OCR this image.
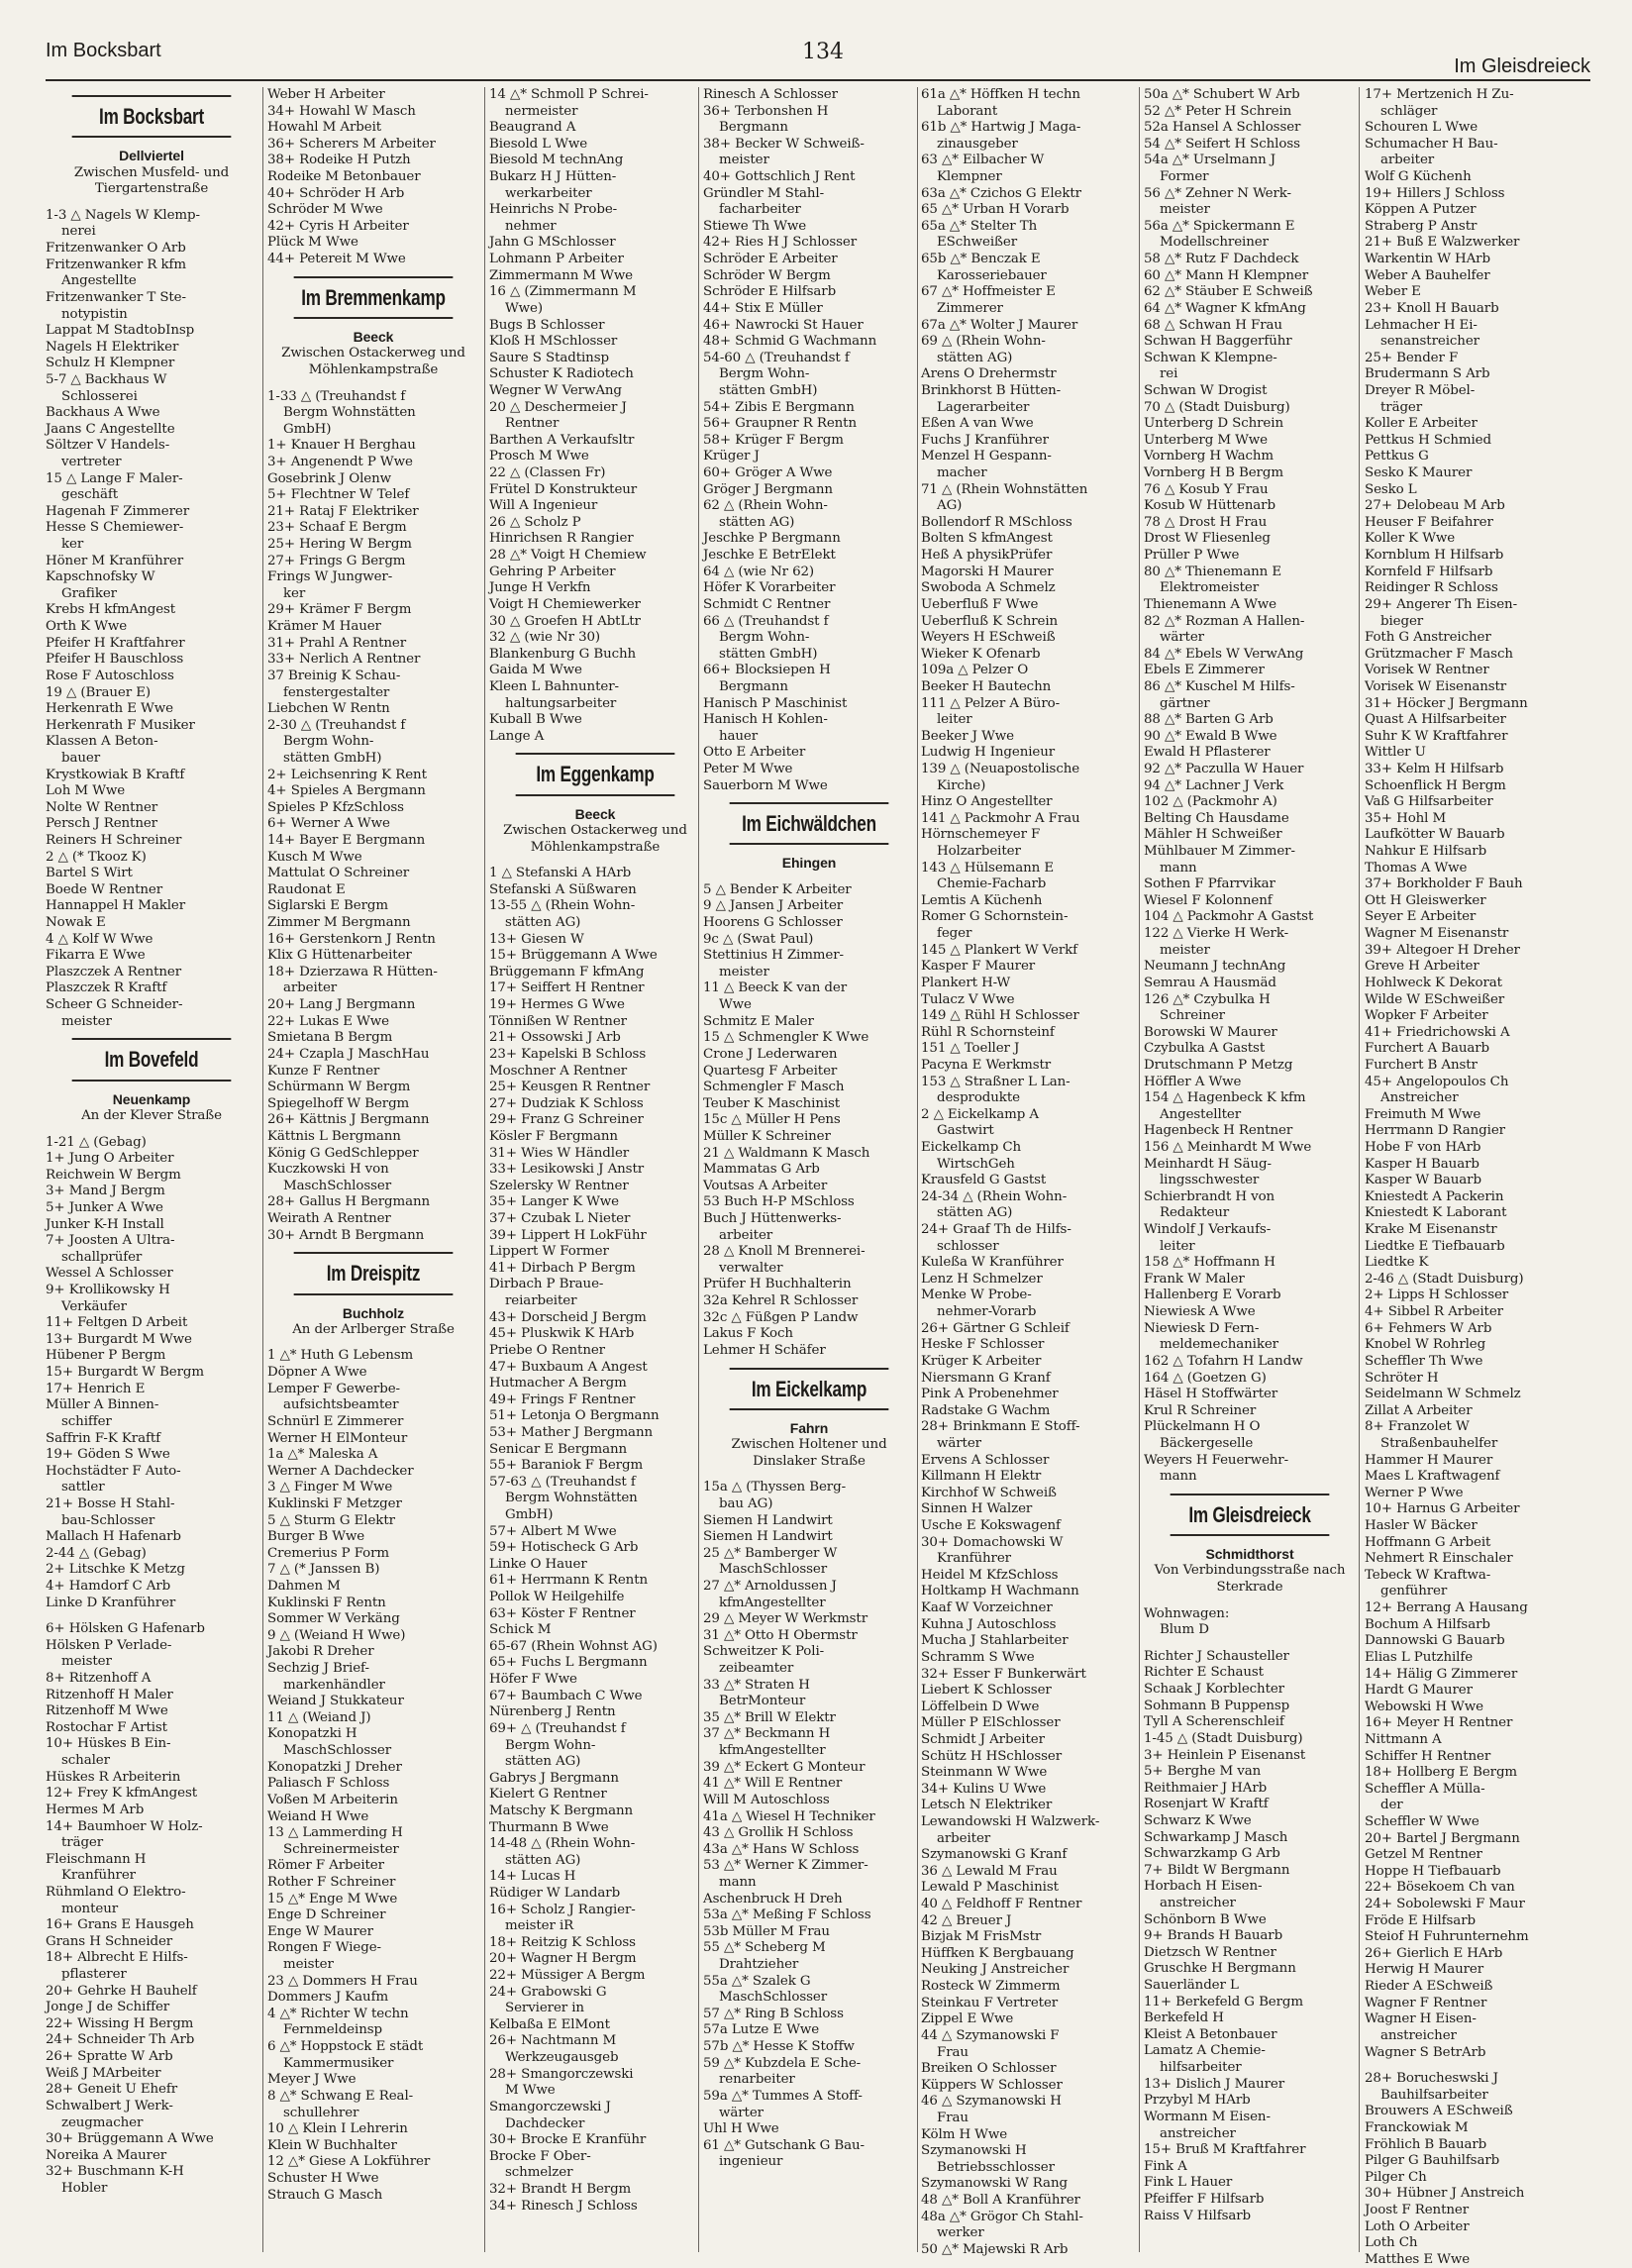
Im Bocksbart	134
Im Gleisdreieck
Im Bocksbart
Dellviertel
Zwischen Musfeld- und Tiergartenstraße
1-3 △ Nagels W Klemp-
nerei
Fritzenwanker O Arb
Fritzenwanker R kfm
Angestellte
Fritzenwanker T Ste-
notypistin
Lappat M StadtobInsp
Nagels H Elektriker
Schulz H Klempner
5-7 △ Backhaus W
Schlosserei
Backhaus A Wwe
Jaans C Angestellte
Söltzer V Handels-
vertreter
15 △ Lange F Maler-
geschäft
Hagenah F Zimmerer
Hesse S Chemiewer-
ker
Höner M Kranführer
Kapschnofsky W
Grafiker
Krebs H kfmAngest
Orth K Wwe
Pfeifer H Kraftfahrer
Pfeifer H Bauschloss
Rose F Autoschloss
19 △ (Brauer E)
Herkenrath E Wwe
Herkenrath F Musiker
Klassen A Beton-
bauer
Krystkowiak B Kraftf
Loh M Wwe
Nolte W Rentner
Persch J Rentner
Reiners H Schreiner
2 △ (* Tkooz K)
Bartel S Wirt
Boede W Rentner
Hannappel H Makler
Nowak E
4 △ Kolf W Wwe
Fikarra E Wwe
Plaszczek A Rentner
Plaszczek R Kraftf
Scheer G Schneider-
meister
Im Bovefeld
Neuenkamp
An der Klever Straße
1-21 △ (Gebag)
1+ Jung O Arbeiter
Reichwein W Bergm
3+ Mand J Bergm
5+ Junker A Wwe
Junker K-H Install
7+ Joosten A Ultra-
schallprüfer
Wessel A Schlosser
9+ Krollikowsky H
Verkäufer
11+ Feltgen D Arbeit
13+ Burgardt M Wwe
Hübener P Bergm
15+ Burgardt W Bergm
17+ Henrich E
Müller A Binnen-
schiffer
Saffrin F-K Kraftf
19+ Göden S Wwe
Hochstädter F Auto-
sattler
21+ Bosse H Stahl-
bau-Schlosser
Mallach H Hafenarb
2-44 △ (Gebag)
2+ Litschke K Metzg
4+ Hamdorf C Arb
Linke D Kranführer
6+ Hölsken G Hafenarb
Hölsken P Verlade-
meister
8+ Ritzenhoff A
Ritzenhoff H Maler
Ritzenhoff M Wwe
Rostochar F Artist
10+ Hüskes B Ein-
schaler
Hüskes R Arbeiterin
12+ Frey K kfmAngest
Hermes M Arb
14+ Baumhoer W Holz-
träger
Fleischmann H
Kranführer
Rühmland O Elektro-
monteur
16+ Grans E Hausgeh
Grans H Schneider
18+ Albrecht E Hilfs-
pflasterer
20+ Gehrke H Bauhelf
Jonge J de Schiffer
22+ Wissing H Bergm
24+ Schneider Th Arb
26+ Spratte W Arb
Weiß J MArbeiter
28+ Geneit U Ehefr
Schwalbert J Werk-
zeugmacher
30+ Brüggemann A Wwe
Noreika A Maurer
32+ Buschmann K-H
Hobler
Weber H Arbeiter
34+ Howahl W Masch
Howahl M Arbeit
36+ Scherers M Arbeiter
38+ Rodeike H Putzh
Rodeike M Betonbauer
40+ Schröder H Arb
Schröder M Wwe
42+ Cyris H Arbeiter
Plück M Wwe
44+ Petereit M Wwe
Im Bremmenkamp
Beeck
Zwischen Ostackerweg und Möhlenkampstraße
1-33 △ (Treuhandst f
Bergm Wohnstätten
GmbH)
1+ Knauer H Berghau
3+ Angenendt P Wwe
Gosebrink J Olenw
5+ Flechtner W Telef
21+ Rataj F Elektriker
23+ Schaaf E Bergm
25+ Hering W Bergm
27+ Frings G Bergm
Frings W Jungwer-
ker
29+ Krämer F Bergm
Krämer M Hauer
31+ Prahl A Rentner
33+ Nerlich A Rentner
37 Breinig K Schau-
fenstergestalter
Liebchen W Rentn
2-30 △ (Treuhandst f
Bergm Wohn-
stätten GmbH)
2+ Leichsenring K Rent
4+ Spieles A Bergmann
Spieles P KfzSchloss
6+ Werner A Wwe
14+ Bayer E Bergmann
Kusch M Wwe
Mattulat O Schreiner
Raudonat E
Siglarski E Bergm
Zimmer M Bergmann
16+ Gerstenkorn J Rentn
Klix G Hüttenarbeiter
18+ Dzierzawa R Hütten-
arbeiter
20+ Lang J Bergmann
22+ Lukas E Wwe
Smietana B Bergm
24+ Czapla J MaschHau
Kunze F Rentner
Schürmann W Bergm
Spiegelhoff W Bergm
26+ Kättnis J Bergmann
Kättnis L Bergmann
König G GedSchlepper
Kuczkowski H von
MaschSchlosser
28+ Gallus H Bergmann
Weirath A Rentner
30+ Arndt B Bergmann
Im Dreispitz
Buchholz
An der Arlberger Straße
1 △* Huth G Lebensm
Döpner A Wwe
Lemper F Gewerbe-
aufsichtsbeamter
Schnürl E Zimmerer
Werner H ElMonteur
1a △* Maleska A
Werner A Dachdecker
3 △ Finger M Wwe
Kuklinski F Metzger
5 △ Sturm G Elektr
Burger B Wwe
Cremerius P Form
7 △ (* Janssen B)
Dahmen M
Kuklinski F Rentn
Sommer W Verkäng
9 △ (Weiand H Wwe)
Jakobi R Dreher
Sechzig J Brief-
markenhändler
Weiand J Stukkateur
11 △ (Weiand J)
Konopatzki H
MaschSchlosser
Konopatzki J Dreher
Paliasch F Schloss
Voßen M Arbeiterin
Weiand H Wwe
13 △ Lammerding H
Schreinermeister
Römer F Arbeiter
Rother F Schreiner
15 △* Enge M Wwe
Enge D Schreiner
Enge W Maurer
Rongen F Wiege-
meister
23 △ Dommers H Frau
Dommers J Kaufm
4 △* Richter W techn
Fernmeldeinsp
6 △* Hoppstock E städt
Kammermusiker
Meyer J Wwe
8 △* Schwang E Real-
schullehrer
10 △ Klein I Lehrerin
Klein W Buchhalter
12 △* Giese A Lokführer
Schuster H Wwe
Strauch G Masch
14 △* Schmoll P Schrei-
nermeister
Beaugrand A
Biesold L Wwe
Biesold M technAng
Bukarz H J Hütten-
werkarbeiter
Heinrichs N Probe-
nehmer
Jahn G MSchlosser
Lohmann P Arbeiter
Zimmermann M Wwe
16 △ (Zimmermann M
Wwe)
Bugs B Schlosser
Kloß H MSchlosser
Saure S Stadtinsp
Schuster K Radiotech
Wegner W VerwAng
20 △ Deschermeier J
Rentner
Barthen A Verkaufsltr
Prosch M Wwe
22 △ (Classen Fr)
Frütel D Konstrukteur
Will A Ingenieur
26 △ Scholz P
Hinrichsen R Rangier
28 △* Voigt H Chemiew
Gehring P Arbeiter
Junge H Verkfn
Voigt H Chemiewerker
30 △ Groefen H AbtLtr
32 △ (wie Nr 30)
Blankenburg G Buchh
Gaida M Wwe
Kleen L Bahnunter-
haltungsarbeiter
Kuball B Wwe
Lange A
Im Eggenkamp
Beeck
Zwischen Ostackerweg und Möhlenkampstraße
1 △ Stefanski A HArb
Stefanski A Süßwaren
13-55 △ (Rhein Wohn-
stätten AG)
13+ Giesen W
15+ Brüggemann A Wwe
Brüggemann F kfmAng
17+ Seiffert H Rentner
19+ Hermes G Wwe
Tönnißen W Rentner
21+ Ossowski J Arb
23+ Kapelski B Schloss
Moschner A Rentner
25+ Keusgen R Rentner
27+ Dudziak K Schloss
29+ Franz G Schreiner
Kösler F Bergmann
31+ Wies W Händler
33+ Lesikowski J Anstr
Szelersky W Rentner
35+ Langer K Wwe
37+ Czubak L Nieter
39+ Lippert H LokFühr
Lippert W Former
41+ Dirbach P Bergm
Dirbach P Braue-
reiarbeiter
43+ Dorscheid J Bergm
45+ Pluskwik K HArb
Priebe O Rentner
47+ Buxbaum A Angest
Hutmacher A Bergm
49+ Frings F Rentner
51+ Letonja O Bergmann
53+ Mather J Bergmann
Senicar E Bergmann
55+ Baraniok F Bergm
57-63 △ (Treuhandst f
Bergm Wohnstätten
GmbH)
57+ Albert M Wwe
59+ Hotischeck G Arb
Linke O Hauer
61+ Herrmann K Rentn
Pollok W Heilgehilfe
63+ Köster F Rentner
Schick M
65-67 (Rhein Wohnst AG)
65+ Fuchs L Bergmann
Höfer F Wwe
67+ Baumbach C Wwe
Nürenberg J Rentn
69+ △ (Treuhandst f
Bergm Wohn-
stätten AG)
Gabrys J Bergmann
Kielert G Rentner
Matschy K Bergmann
Thurmann B Wwe
14-48 △ (Rhein Wohn-
stätten AG)
14+ Lucas H
Rüdiger W Landarb
16+ Scholz J Rangier-
meister iR
18+ Reitzig K Schloss
20+ Wagner H Bergm
22+ Müssiger A Bergm
24+ Grabowski G
Servierer in
Kelbaßa E ElMont
26+ Nachtmann M
Werkzeugausgeb
28+ Smangorczewski
M Wwe
Smangorczewski J
Dachdecker
30+ Brocke E Kranführ
Brocke F Ober-
schmelzer
32+ Brandt H Bergm
34+ Rinesch J Schloss
Rinesch A Schlosser
36+ Terbonshen H
Bergmann
38+ Becker W Schweiß-
meister
40+ Gottschlich J Rent
Gründler M Stahl-
facharbeiter
Stiewe Th Wwe
42+ Ries H J Schlosser
Schröder E Arbeiter
Schröder W Bergm
Schröder E Hilfsarb
44+ Stix E Müller
46+ Nawrocki St Hauer
48+ Schmid G Wachmann
54-60 △ (Treuhandst f
Bergm Wohn-
stätten GmbH)
54+ Zibis E Bergmann
56+ Graupner R Rentn
58+ Krüger F Bergm
Krüger J
60+ Gröger A Wwe
Gröger J Bergmann
62 △ (Rhein Wohn-
stätten AG)
Jeschke P Bergmann
Jeschke E BetrElekt
64 △ (wie Nr 62)
Höfer K Vorarbeiter
Schmidt C Rentner
66 △ (Treuhandst f
Bergm Wohn-
stätten GmbH)
66+ Blocksiepen H
Bergmann
Hanisch P Maschinist
Hanisch H Kohlen-
hauer
Otto E Arbeiter
Peter M Wwe
Sauerborn M Wwe
Im Eichwäldchen
Ehingen
5 △ Bender K Arbeiter
9 △ Jansen J Arbeiter
Hoorens G Schlosser
9c △ (Swat Paul)
Stettinius H Zimmer-
meister
11 △ Beeck K van der
Wwe
Schmitz E Maler
15 △ Schmengler K Wwe
Crone J Lederwaren
Quartesg F Arbeiter
Schmengler F Masch
Teuber K Maschinist
15c △ Müller H Pens
Müller K Schreiner
21 △ Waldmann K Masch
Mammatas G Arb
Voutsas A Arbeiter
53 Buch H-P MSchloss
Buch J Hüttenwerks-
arbeiter
28 △ Knoll M Brennerei-
verwalter
Prüfer H Buchhalterin
32a Kehrel R Schlosser
32c △ Füßgen P Landw
Lakus F Koch
Lehmer H Schäfer
Im Eickelkamp
Fahrn
Zwischen Holtener und Dinslaker Straße
15a △ (Thyssen Berg-
bau AG)
Siemen H Landwirt
Siemen H Landwirt
25 △* Bamberger W
MaschSchlosser
27 △* Arnoldussen J
kfmAngestellter
29 △ Meyer W Werkmstr
31 △* Otto H Obermstr
Schweitzer K Poli-
zeibeamter
33 △* Straten H
BetrMonteur
35 △* Brill W Elektr
37 △* Beckmann H
kfmAngestellter
39 △* Eckert G Monteur
41 △* Will E Rentner
Will M Autoschloss
41a △ Wiesel H Techniker
43 △ Grollik H Schloss
43a △* Hans W Schloss
53 △* Werner K Zimmer-
mann
Aschenbruck H Dreh
53a △* Meßing F Schloss
53b Müller M Frau
55 △* Scheberg M
Drahtzieher
55a △* Szalek G
MaschSchlosser
57 △* Ring B Schloss
57a Lutze E Wwe
57b △* Hesse K Stoffw
59 △* Kubzdela E Sche-
renarbeiter
59a △* Tummes A Stoff-
wärter
Uhl H Wwe
61 △* Gutschank G Bau-
ingenieur
61a △* Höffken H techn
Laborant
61b △* Hartwig J Maga-
zinausgeber
63 △* Eilbacher W
Klempner
63a △* Czichos G Elektr
65 △* Urban H Vorarb
65a △* Stelter Th
ESchweißer
65b △* Benczak E
Karosseriebauer
67 △* Hoffmeister E
Zimmerer
67a △* Wolter J Maurer
69 △ (Rhein Wohn-
stätten AG)
Arens O Drehermstr
Brinkhorst B Hütten-
Lagerarbeiter
Eßen A van Wwe
Fuchs J Kranführer
Menzel H Gespann-
macher
71 △ (Rhein Wohnstätten
AG)
Bollendorf R MSchloss
Bolten S kfmAngest
Heß A physikPrüfer
Magorski H Maurer
Swoboda A Schmelz
Ueberfluß F Wwe
Ueberfluß K Schrein
Weyers H ESchweiß
Wieker K Ofenarb
109a △ Pelzer O
Beeker H Bautechn
111 △ Pelzer A Büro-
leiter
Beeker J Wwe
Ludwig H Ingenieur
139 △ (Neuapostolische
Kirche)
Hinz O Angestellter
141 △ Packmohr A Frau
Hörnschemeyer F
Holzarbeiter
143 △ Hülsemann E
Chemie-Facharb
Lemtis A Küchenh
Romer G Schornstein-
feger
145 △ Plankert W Verkf
Kasper F Maurer
Plankert H-W
Tulacz V Wwe
149 △ Rühl H Schlosser
Rühl R Schornsteinf
151 △ Toeller J
Pacyna E Werkmstr
153 △ Straßner L Lan-
desprodukte
2 △ Eickelkamp A
Gastwirt
Eickelkamp Ch
WirtschGeh
Krausfeld G Gastst
24-34 △ (Rhein Wohn-
stätten AG)
24+ Graaf Th de Hilfs-
schlosser
Kuleßa W Kranführer
Lenz H Schmelzer
Menke W Probe-
nehmer-Vorarb
26+ Gärtner G Schleif
Heske F Schlosser
Krüger K Arbeiter
Niersmann G Kranf
Pink A Probenehmer
Radstake G Wachm
28+ Brinkmann E Stoff-
wärter
Ervens A Schlosser
Killmann H Elektr
Kirchhof W Schweiß
Sinnen H Walzer
Usche E Kokswagenf
30+ Domachowski W
Kranführer
Heidel M KfzSchloss
Holtkamp H Wachmann
Kaaf W Vorzeichner
Kuhna J Autoschloss
Mucha J Stahlarbeiter
Schramm S Wwe
32+ Esser F Bunkerwärt
Liebert K Schlosser
Löffelbein D Wwe
Müller P ElSchlosser
Schmidt J Arbeiter
Schütz H HSchlosser
Steinmann W Wwe
34+ Kulins U Wwe
Letsch N Elektriker
Lewandowski H Walzwerk-
arbeiter
Szymanowski G Kranf
36 △ Lewald M Frau
Lewald P Maschinist
40 △ Feldhoff F Rentner
42 △ Breuer J
Bizjak M FrisMstr
Hüffken K Bergbauang
Neuking J Anstreicher
Rosteck W Zimmerm
Steinkau F Vertreter
Zippel E Wwe
44 △ Szymanowski F
Frau
Breiken O Schlosser
Küppers W Schlosser
46 △ Szymanowski H
Frau
Kölm H Wwe
Szymanowski H
Betriebsschlosser
Szymanowski W Rang
48 △* Boll A Kranführer
48a △* Grögor Ch Stahl-
werker
50 △* Majewski R Arb
50a △* Schubert W Arb
52 △* Peter H Schrein
52a Hansel A Schlosser
54 △* Seifert H Schloss
54a △* Urselmann J
Former
56 △* Zehner N Werk-
meister
56a △* Spickermann E
Modellschreiner
58 △* Rutz F Dachdeck
60 △* Mann H Klempner
62 △* Stäuber E Schweiß
64 △* Wagner K kfmAng
68 △ Schwan H Frau
Schwan H Baggerführ
Schwan K Klempne-
rei
Schwan W Drogist
70 △ (Stadt Duisburg)
Unterberg D Schrein
Unterberg M Wwe
Vornberg H Wachm
Vornberg H B Bergm
76 △ Kosub Y Frau
Kosub W Hüttenarb
78 △ Drost H Frau
Drost W Fliesenleg
Prüller P Wwe
80 △* Thienemann E
Elektromeister
Thienemann A Wwe
82 △* Rozman A Hallen-
wärter
84 △* Ebels W VerwAng
Ebels E Zimmerer
86 △* Kuschel M Hilfs-
gärtner
88 △* Barten G Arb
90 △* Ewald B Wwe
Ewald H Pflasterer
92 △* Paczulla W Hauer
94 △* Lachner J Verk
102 △ (Packmohr A)
Belting Ch Hausdame
Mähler H Schweißer
Mühlbauer M Zimmer-
mann
Sothen F Pfarrvikar
Wiesel F Kolonnenf
104 △ Packmohr A Gastst
122 △ Vierke H Werk-
meister
Neumann J technAng
Semrau A Hausmäd
126 △* Czybulka H
Schreiner
Borowski W Maurer
Czybulka A Gastst
Drutschmann P Metzg
Höffler A Wwe
154 △ Hagenbeck K kfm
Angestellter
Hagenbeck H Rentner
156 △ Meinhardt M Wwe
Meinhardt H Säug-
lingsschwester
Schierbrandt H von
Redakteur
Windolf J Verkaufs-
leiter
158 △* Hoffmann H
Frank W Maler
Hallenberg E Vorarb
Niewiesk A Wwe
Niewiesk D Fern-
meldemechaniker
162 △ Tofahrn H Landw
164 △ (Goetzen G)
Häsel H Stoffwärter
Krul R Schreiner
Plückelmann H O
Bäckergeselle
Weyers H Feuerwehr-
mann
Im Gleisdreieck
Schmidthorst
Von Verbindungsstraße nach Sterkrade
Wohnwagen:
Blum D
Richter J Schausteller
Richter E Schaust
Schaak J Korblechter
Sohmann B Puppensp
Tyll A Scherenschleif
1-45 △ (Stadt Duisburg)
3+ Heinlein P Eisenanst
5+ Berghe M van
Reithmaier J HArb
Rosenjart W Kraftf
Schwarz K Wwe
Schwarkamp J Masch
Schwarzkamp G Arb
7+ Bildt W Bergmann
Horbach H Eisen-
anstreicher
Schönborn B Wwe
9+ Brands H Bauarb
Dietzsch W Rentner
Gruschke H Bergmann
Sauerländer L
11+ Berkefeld G Bergm
Berkefeld H
Kleist A Betonbauer
Lamatz A Chemie-
hilfsarbeiter
13+ Dislich J Maurer
Przybyl M HArb
Wormann M Eisen-
anstreicher
15+ Bruß M Kraftfahrer
Fink A
Fink L Hauer
Pfeiffer F Hilfsarb
Raiss V Hilfsarb
17+ Mertzenich H Zu-
schläger
Schouren L Wwe
Schumacher H Bau-
arbeiter
Wolf G Küchenh
19+ Hillers J Schloss
Köppen A Putzer
Straberg P Anstr
21+ Buß E Walzwerker
Warkentin W HArb
Weber A Bauhelfer
Weber E
23+ Knoll H Bauarb
Lehmacher H Ei-
senanstreicher
25+ Bender F
Brudermann S Arb
Dreyer R Möbel-
träger
Koller E Arbeiter
Pettkus H Schmied
Pettkus G
Sesko K Maurer
Sesko L
27+ Delobeau M Arb
Heuser F Beifahrer
Koller K Wwe
Kornblum H Hilfsarb
Kornfeld F Hilfsarb
Reidinger R Schloss
29+ Angerer Th Eisen-
bieger
Foth G Anstreicher
Grützmacher F Masch
Vorisek W Rentner
Vorisek W Eisenanstr
31+ Höcker J Bergmann
Quast A Hilfsarbeiter
Suhr K W Kraftfahrer
Wittler U
33+ Kelm H Hilfsarb
Schoenflick H Bergm
Vaß G Hilfsarbeiter
35+ Hohl M
Laufkötter W Bauarb
Nahkur E Hilfsarb
Thomas A Wwe
37+ Borkholder F Bauh
Ott H Gleiswerker
Seyer E Arbeiter
Wagner M Eisenanstr
39+ Altegoer H Dreher
Greve H Arbeiter
Hohlweck K Dekorat
Wilde W ESchweißer
Wopker F Arbeiter
41+ Friedrichowski A
Furchert A Bauarb
Furchert B Anstr
45+ Angelopoulos Ch
Anstreicher
Freimuth M Wwe
Herrmann D Rangier
Hobe F von HArb
Kasper H Bauarb
Kasper W Bauarb
Kniestedt A Packerin
Kniestedt K Laborant
Krake M Eisenanstr
Liedtke E Tiefbauarb
Liedtke K
2-46 △ (Stadt Duisburg)
2+ Lipps H Schlosser
4+ Sibbel R Arbeiter
6+ Fehmers W Arb
Knobel W Rohrleg
Scheffler Th Wwe
Schröter H
Seidelmann W Schmelz
Zillat A Arbeiter
8+ Franzolet W
Straßenbauhelfer
Hammer H Maurer
Maes L Kraftwagenf
Werner P Wwe
10+ Harnus G Arbeiter
Hasler W Bäcker
Hoffmann G Arbeit
Nehmert R Einschaler
Tebeck W Kraftwa-
genführer
12+ Berrang A Hausang
Bochum A Hilfsarb
Dannowski G Bauarb
Elias L Putzhilfe
14+ Hälig G Zimmerer
Hardt G Maurer
Webowski H Wwe
16+ Meyer H Rentner
Nittmann A
Schiffer H Rentner
18+ Hollberg E Bergm
Scheffler A Mülla-
der
Scheffler W Wwe
20+ Bartel J Bergmann
Getzel M Rentner
Hoppe H Tiefbauarb
22+ Bösekoem Ch van
24+ Sobolewski F Maur
Fröde E Hilfsarb
Steiof H Fuhrunternehm
26+ Gierlich E HArb
Herwig H Maurer
Rieder A ESchweiß
Wagner F Rentner
Wagner H Eisen-
anstreicher
Wagner S BetrArb
28+ Borucheswski J
Bauhilfsarbeiter
Brouwers A ESchweiß
Franckowiak M
Fröhlich B Bauarb
Pilger G Bauhilfsarb
Pilger Ch
30+ Hübner J Anstreich
Joost F Rentner
Loth O Arbeiter
Loth Ch
Matthes E Wwe
